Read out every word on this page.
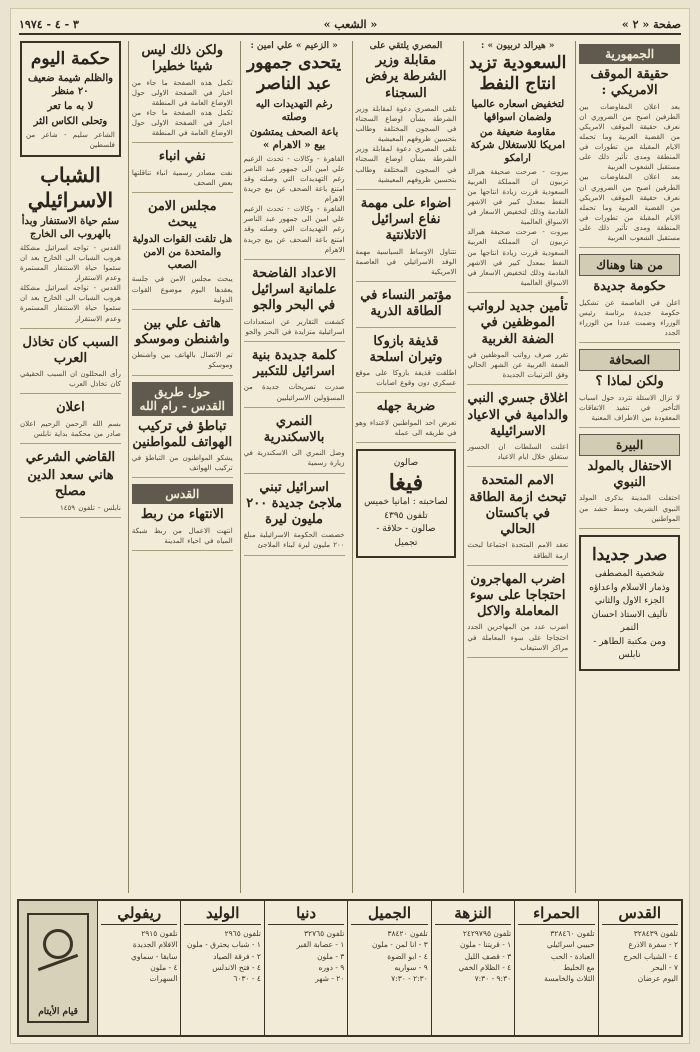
صفحة « ٢ »
« الشعب »
٣ - ٤ - ١٩٧٤
الجمهورية
حقيقة الموقف الامريكي :
بعد اعلان المفاوضات بين الطرفين اصبح من الضروري ان نعرف حقيقة الموقف الامريكي من القضية العربية وما تحمله الايام المقبلة من تطورات في المنطقة ومدى تأثير ذلك على مستقبل الشعوب العربية
بعد اعلان المفاوضات بين الطرفين اصبح من الضروري ان نعرف حقيقة الموقف الامريكي من القضية العربية وما تحمله الايام المقبلة من تطورات في المنطقة ومدى تأثير ذلك على مستقبل الشعوب العربية
من هنا وهناك
حكومة جديدة
اعلن في العاصمة عن تشكيل حكومة جديدة برئاسة رئيس الوزراء وضمت عددا من الوزراء الجدد
الصحافة
ولكن لماذا ؟
لا تزال الاسئلة تتردد حول اسباب التأخير في تنفيذ الاتفاقات المعقودة بين الاطراف المعنية
البيرة
الاحتفال بالمولد النبوي
احتفلت المدينة بذكرى المولد النبوي الشريف وسط حشد من المواطنين
صدر جديدا
شخصية المصطفى وذمار الاسلام واعداؤه
الجزء الاول والثاني
تأليف الاستاذ احسان النمر
ومن مكتبة الطاهر - نابلس
« هيرالد تربيون » :
السعودية تزيد انتاج النفط
لتخفيض اسعاره عالميا ولضمان اسواقها
مقاومة ضعيفة من امريكا للاستغلال شركة ارامكو
بيروت - صرحت صحيفة هيرالد تربيون ان المملكة العربية السعودية قررت زيادة انتاجها من النفط بمعدل كبير في الاشهر القادمة وذلك لتخفيض الاسعار في الاسواق العالمية
بيروت - صرحت صحيفة هيرالد تربيون ان المملكة العربية السعودية قررت زيادة انتاجها من النفط بمعدل كبير في الاشهر القادمة وذلك لتخفيض الاسعار في الاسواق العالمية
تأمين جديد لرواتب الموظفين في الضفة الغربية
تقرر صرف رواتب الموظفين في الضفة الغربية عن الشهر الحالي وفق الترتيبات الجديدة
اغلاق جسري النبي والدامية في الاعياد الاسرائيلية
اعلنت السلطات ان الجسور ستغلق خلال ايام الاعياد
الامم المتحدة تبحث ازمة الطاقة في باكستان الحالي
تعقد الامم المتحدة اجتماعا لبحث ازمة الطاقة
اضرب المهاجرون احتجاجا على سوء المعاملة والاكل
اضرب عدد من المهاجرين الجدد احتجاجا على سوء المعاملة في مراكز الاستيعاب
المصري يلتقي على
مقابلة وزير الشرطة يرفض السجناء
تلقى المصري دعوة لمقابلة وزير الشرطة بشأن اوضاع السجناء في السجون المختلفة وطالب بتحسين ظروفهم المعيشية
تلقى المصري دعوة لمقابلة وزير الشرطة بشأن اوضاع السجناء في السجون المختلفة وطالب بتحسين ظروفهم المعيشية
اضواء على مهمة نفاع اسرائيل الاتلانتية
تتناول الاوساط السياسية مهمة الوفد الاسرائيلي في العاصمة الامريكية
مؤتمر النساء في الطاقة الذرية
قذيفة بازوكا وتيران اسلحة
اطلقت قذيفة بازوكا على موقع عسكري دون وقوع اصابات
ضربة جهله
تعرض احد المواطنين لاعتداء وهو في طريقه الى عمله
صالون
فيغا
لصاحبته : امانيا خميس
تلفون ٤٣٩٥
صالون - حلاقة - تجميل
« الزعيم » علي امين :
يتحدى جمهور عبد الناصر
رغم التهديدات اليه وصلته
باعة الصحف يمتشون بيع « الاهرام »
القاهرة - وكالات - تحدث الزعيم علي امين الى جمهور عبد الناصر رغم التهديدات التي وصلته وقد امتنع باعة الصحف عن بيع جريدة الاهرام
القاهرة - وكالات - تحدث الزعيم علي امين الى جمهور عبد الناصر رغم التهديدات التي وصلته وقد امتنع باعة الصحف عن بيع جريدة الاهرام
الاعداد الفاضحة علمانية اسرائيل في البحر والجو
كشفت التقارير عن استعدادات اسرائيلية متزايدة في البحر والجو
كلمة جديدة بنية اسرائيل للتكبير
صدرت تصريحات جديدة من المسؤولين الاسرائيليين
النمري بالاسكندرية
وصل النمري الى الاسكندرية في زيارة رسمية
اسرائيل تبني ملاجئ جديدة ٢٠٠ مليون ليرة
خصصت الحكومة الاسرائيلية مبلغ ٢٠٠ مليون ليرة لبناء الملاجئ
ولكن ذلك ليس شيئا خطيرا
تكمل هذه الصفحة ما جاء من اخبار في الصفحة الاولى حول الاوضاع العامة في المنطقة
تكمل هذه الصفحة ما جاء من اخبار في الصفحة الاولى حول الاوضاع العامة في المنطقة
نفي انباء
نفت مصادر رسمية انباء تناقلتها بعض الصحف
مجلس الامن يبحث
هل تلقت القوات الدولية والمتحدة من الامن الصعب
يبحث مجلس الامن في جلسة يعقدها اليوم موضوع القوات الدولية
هاتف علي بين واشنطن وموسكو
تم الاتصال بالهاتف بين واشنطن وموسكو
حول طريق القدس - رام الله
تباطؤ في تركيب الهواتف للمواطنين
يشكو المواطنون من التباطؤ في تركيب الهواتف
القدس
الانتهاء من ربط
انتهت الاعمال من ربط شبكة المياه في احياء المدينة
حكمة اليوم
والظلم شيمة ضعيف ٢٠ منظر
لا به ما تعر
وتحلى الكاس الثر
الشاعر سليم - شاعر من فلسطين
الشباب الاسرائيلي
سئم حياة الاستنفار وبدأ بالهروب الى الخارج
القدس - تواجه اسرائيل مشكلة هروب الشباب الى الخارج بعد ان سئموا حياة الاستنفار المستمرة وعدم الاستقرار
القدس - تواجه اسرائيل مشكلة هروب الشباب الى الخارج بعد ان سئموا حياة الاستنفار المستمرة وعدم الاستقرار
السبب كان تخاذل العرب
رأى المحللون ان السبب الحقيقي كان تخاذل العرب
اعلان
بسم الله الرحمن الرحيم اعلان صادر من محكمة بداية نابلس
القاضي الشرعي
هاني سعد الدين مصلح
نابلس - تلفون ١٤٥٩
القدس
تلفون ٣٢٨٤٣٩
٢ - سفرة الاذرع
٤ - الشياب الحرج
٧ - البحر
اليوم عرضان
الحمراء
تلفون ٣٢٨٤٦٠
حبيبي اسرائيلي
العبادة - الحب
مع الخليط
الثلاث والخامسة
النزهة
تلفون ٢٤٢٩٧٩٥
١ - قريتنا - ملون
٣ - قصف الليل
٤ - الظلام الخفي
٩:٣٠ - ٧:٣٠
الجميل
تلفون ٣٨٤٢٠
٣ - انا لمن - ملون
٤ - ابو الضوة
٩ - سواريه
٢:٣٠ - ٧:٣٠
دنيا
تلفون ٣٢٧٦٥
١ - عصابة القبر
٣ - ملون
٩ - دوره
٢٠ - شهر
الوليد
تلفون ٢٩٦٥
١ - شباب يحترق - ملون
٢ - فرقة الصياد
٤ - فتح الاندلس
٤ - ٦٠٣٠
ريفولي
تلفون ٢٩١٥
الافلام الجديدة
سابقا - سماوي
٤ - ملون
السهرات
قيام الأيتام
